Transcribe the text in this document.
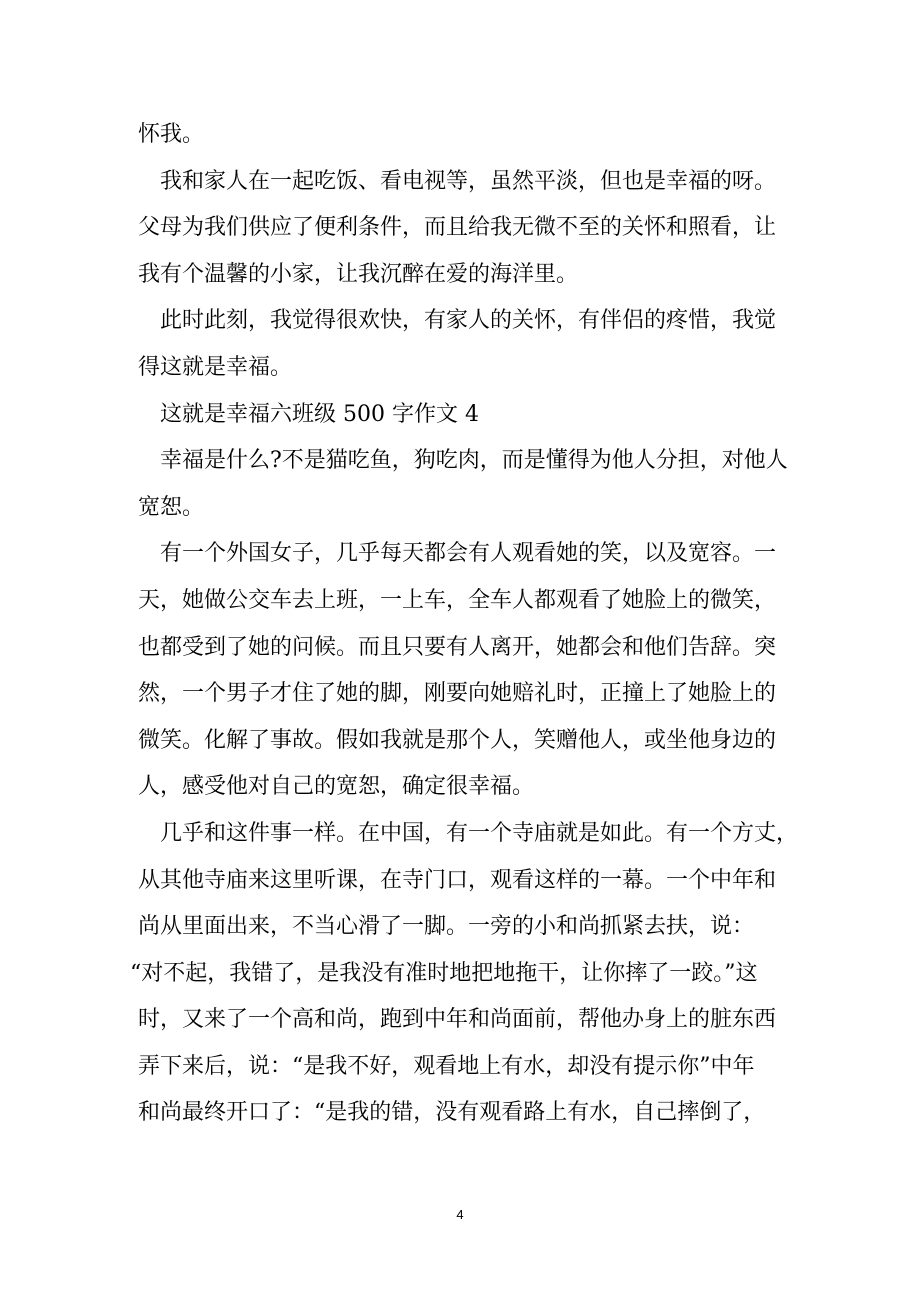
怀我。
我和家人在一起吃饭、看电视等，虽然平淡，但也是幸福的呀。
父母为我们供应了便利条件，而且给我无微不至的关怀和照看，让
我有个温馨的小家，让我沉醉在爱的海洋里。
此时此刻，我觉得很欢快，有家人的关怀，有伴侣的疼惜，我觉
得这就是幸福。
这就是幸福六班级 500 字作文 4
幸福是什么?不是猫吃鱼，狗吃肉，而是懂得为他人分担，对他人
宽恕。
有一个外国女子，几乎每天都会有人观看她的笑，以及宽容。一
天，她做公交车去上班，一上车，全车人都观看了她脸上的微笑，
也都受到了她的问候。而且只要有人离开，她都会和他们告辞。突
然，一个男子才住了她的脚，刚要向她赔礼时，正撞上了她脸上的
微笑。化解了事故。假如我就是那个人，笑赠他人，或坐他身边的
人，感受他对自己的宽恕，确定很幸福。
几乎和这件事一样。在中国，有一个寺庙就是如此。有一个方丈，
从其他寺庙来这里听课，在寺门口，观看这样的一幕。一个中年和
尚从里面出来，不当心滑了一脚。一旁的小和尚抓紧去扶，说：
“对不起，我错了，是我没有准时地把地拖干，让你摔了一跤。”这
时，又来了一个高和尚，跑到中年和尚面前，帮他办身上的脏东西
弄下来后，说：“是我不好，观看地上有水，却没有提示你”中年
和尚最终开口了：“是我的错，没有观看路上有水，自己摔倒了，
4
